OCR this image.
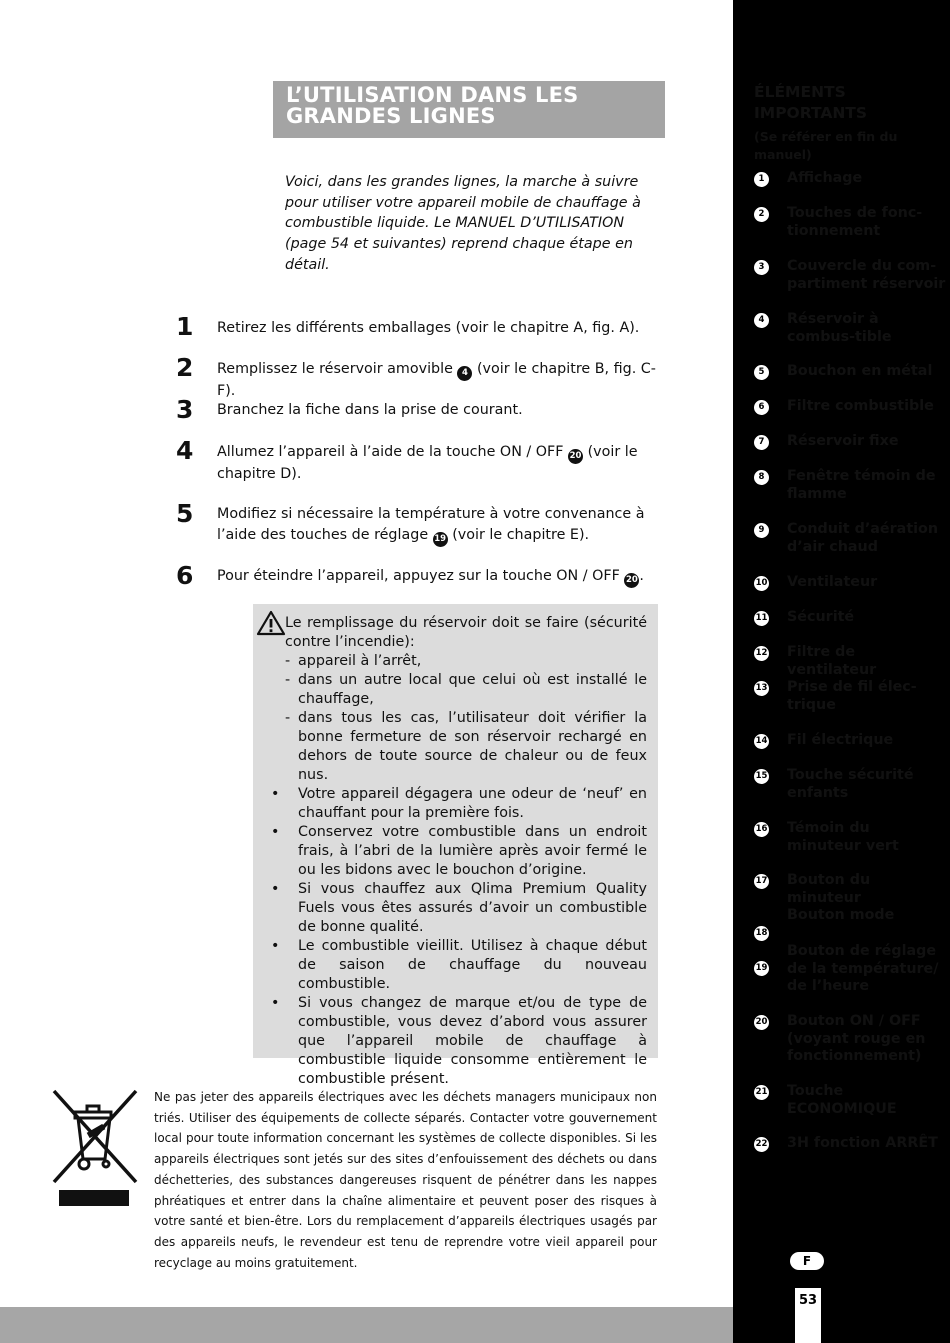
L’UTILISATION DANS LES
GRANDES LIGNES

Voici, dans les grandes lignes, la marche à suivre pour utiliser votre appareil mobile de chauffage à combustible liquide. Le MANUEL D’UTILISATION (page 54 et suivantes) reprend chaque étape en détail.

1 Retirez les différents emballages (voir le chapitre A, fig. A).
2 Remplissez le réservoir amovible 4 (voir le chapitre B, fig. C-F).
3 Branchez la fiche dans la prise de courant.
4 Allumez l’appareil à l’aide de la touche ON / OFF 20 (voir le chapitre D).
5 Modifiez si nécessaire la température à votre convenance à l’aide des touches de réglage 19 (voir le chapitre E).
6 Pour éteindre l’appareil, appuyez sur la touche ON / OFF 20 .

Le remplissage du réservoir doit se faire (sécurité contre l’incendie):

- appareil à l’arrêt,
- dans un autre local que celui où est installé le chauffage,
- dans tous les cas, l’utilisateur doit vérifier la bonne fermeture de son réservoir rechargé en dehors de toute source de chaleur ou de feux nus.
• Votre appareil dégagera une odeur de ‘neuf’ en chauffant pour la première fois.
• Conservez votre combustible dans un endroit frais, à l’abri de la lumière après avoir fermé le ou les bidons avec le bouchon d’origine.
• Si vous chauffez aux Qlima Premium Quality Fuels vous êtes assurés d’avoir un combustible de bonne qualité.
• Le combustible vieillit. Utilisez à chaque début de saison de chauffage du nouveau combustible.
• Si vous changez de marque et/ou de type de combustible, vous devez d’abord vous assurer que l’appareil mobile de chauffage à combustible liquide consomme entièrement le combustible présent.

Ne pas jeter des appareils électriques avec les déchets managers municipaux non triés. Utiliser des équipements de collecte séparés. Contacter votre gouvernement local pour toute information concernant les systèmes de collecte disponibles. Si les appareils électriques sont jetés sur des sites d’enfouissement des déchets ou dans déchetteries, des substances dangereuses risquent de pénétrer dans les nappes phréatiques et entrer dans la chaîne alimentaire et peuvent poser des risques à votre santé et bien-être. Lors du remplacement d’appareils électriques usagés par des appareils neufs, le revendeur est tenu de reprendre votre vieil appareil pour recyclage au moins gratuitement.

ÉLÉMENTS
IMPORTANTS
(Se référer en fin du manuel)
1	Affichage
2	Touches de fonc-tionnement
3	Couvercle du com-partiment réservoir
4	Réservoir à combus-tible
5	Bouchon en métal
6	Filtre combustible
7	Réservoir fixe
8	Fenêtre témoin de flamme
9	Conduit d’aération d’air chaud
10 Ventilateur
11 Sécurité
12 Filtre de ventilateur
13 Prise de fil élec-trique
14 Fil électrique
15 Touche sécurité enfants
16 Témoin du minuteur vert
17 Bouton du minuteur
18
Bouton mode
19
Bouton de réglage de la température/ de l’heure
20 Bouton ON / OFF (voyant rouge en fonctionnement)
21 Touche ECONOMIQUE
22 3H fonction ARRÊT
F
53
